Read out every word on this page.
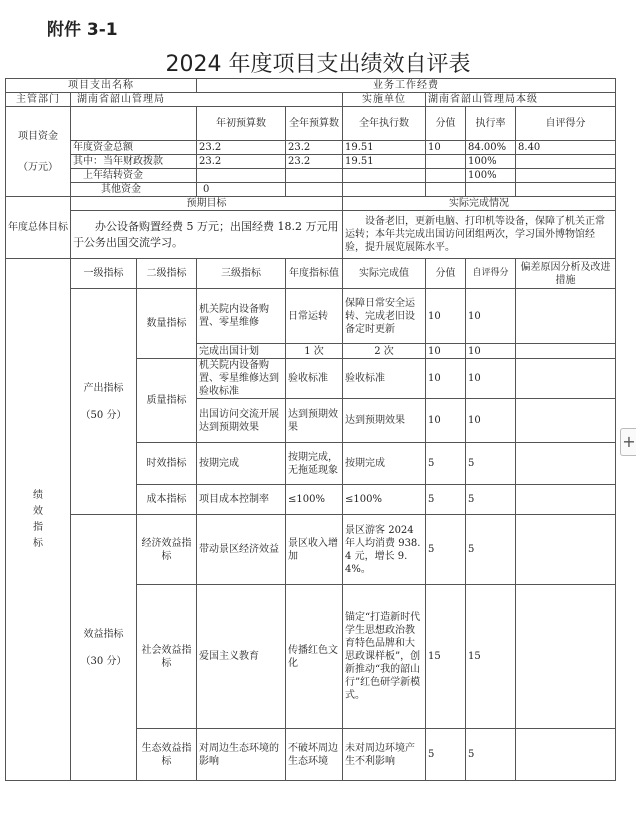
附件 3-1
2024 年度项目支出绩效自评表
项目支出名称			业务工作经费					
主管部门	湖南省韶山管理局				实施单位	湖南省韶山管理局本级		

项目资金
（万元）			年初预算数	全年预算数	全年执行数	分值	执行率	自评得分
	年度资金总额		23.2	23.2	19.51	10	84.00%	8.40
	其中：当年财政拨款		23.2	23.2	19.51		100%	
	上年结转资金						100%	
	其他资金		0					
年度总体目标	预期目标				实际完成情况			
	办公设备购置经费 5 万元；出国经费 18.2 万元用于公务出国交流学习。				设备老旧，更新电脑、打印机等设备，保障了机关正常运转；本年共完成出国访问团组两次，学习国外博物馆经验，提升展览展陈水平。			

绩效指标	一级指标	二级指标	三级指标	年度指标值	实际完成值	分值	自评得分	偏差原因分析及改进措施

	产出指标
（50 分）	数量指标	机关院内设备购置、零星维修	日常运转	保障日常安全运转、完成老旧设备定时更新	10	10	
			完成出国计划	1 次	2 次	10	10	
		质量指标	机关院内设备购置、零星维修达到验收标准	验收标准	验收标准	10	10	
			出国访问交流开展达到预期效果	达到预期效果	达到预期效果	10	10	
		时效指标	按期完成	按期完成，无拖延现象	按期完成	5	5	
		成本指标	项目成本控制率	≤100%	≤100%	5	5	

	效益指标
（30 分）	经济效益指标	带动景区经济效益	景区收入增加	景区游客 2024 年人均消费 938.4 元，增长 9.4%。	5	5	
		社会效益指标	爱国主义教育	传播红色文化	锚定“打造新时代学生思想政治教育特色品牌和大思政课样板”，创新推动“我的韶山行”红色研学新模式。	15	15	
		生态效益指标	对周边生态环境的影响	不破坏周边生态环境	未对周边环境产生不利影响	5	5	
+
